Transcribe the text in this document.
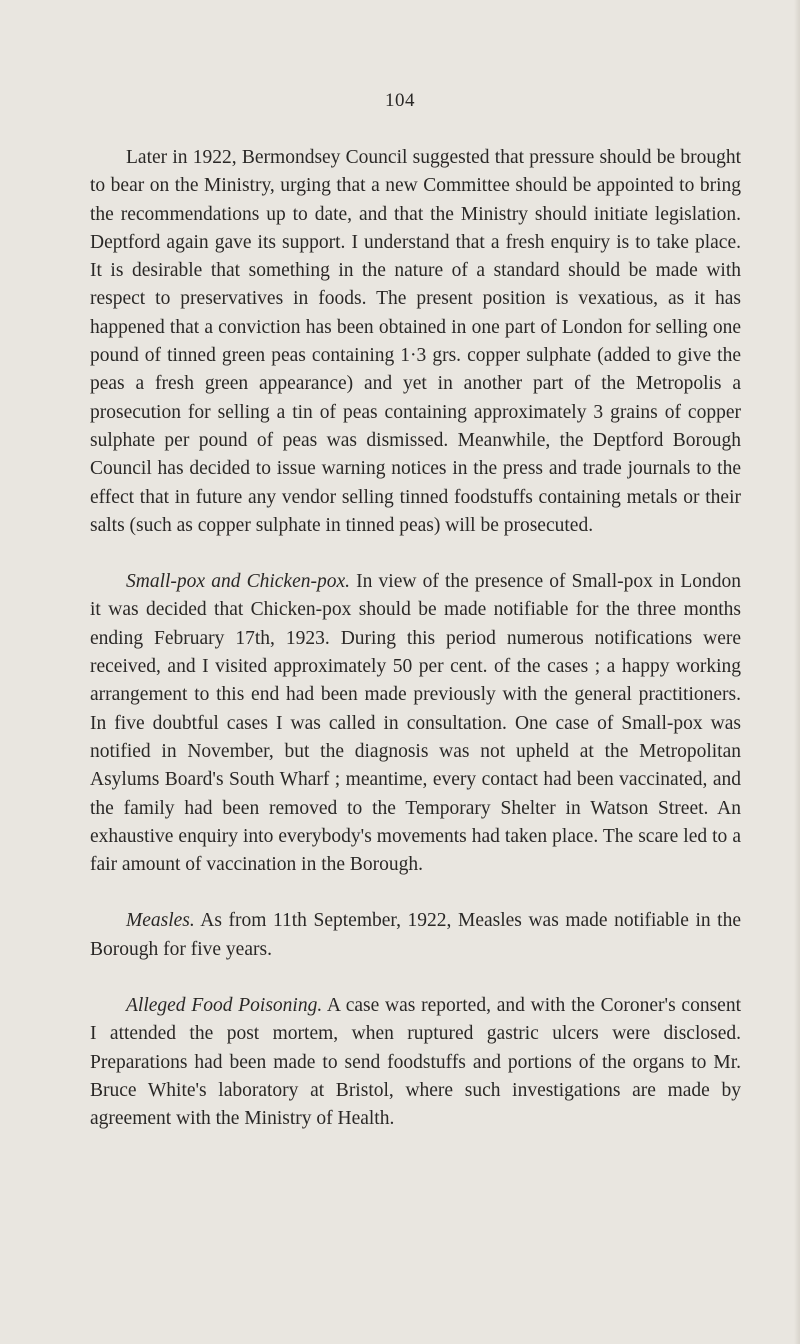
104

Later in 1922, Bermondsey Council suggested that pressure should be brought to bear on the Ministry, urging that a new Committee should be appointed to bring the recommendations up to date, and that the Ministry should initiate legislation. Deptford again gave its support. I understand that a fresh enquiry is to take place. It is desirable that something in the nature of a standard should be made with respect to preservatives in foods. The present position is vexatious, as it has happened that a conviction has been obtained in one part of London for selling one pound of tinned green peas containing 1·3 grs. copper sulphate (added to give the peas a fresh green appearance) and yet in another part of the Metropolis a prosecution for selling a tin of peas containing approximately 3 grains of copper sulphate per pound of peas was dismissed. Meanwhile, the Deptford Borough Council has decided to issue warning notices in the press and trade journals to the effect that in future any vendor selling tinned foodstuffs containing metals or their salts (such as copper sulphate in tinned peas) will be prosecuted.

Small-pox and Chicken-pox. In view of the presence of Small-pox in London it was decided that Chicken-pox should be made notifiable for the three months ending February 17th, 1923. During this period numerous notifications were received, and I visited approximately 50 per cent. of the cases ; a happy working arrangement to this end had been made previously with the general practitioners. In five doubtful cases I was called in consultation. One case of Small-pox was notified in November, but the diagnosis was not upheld at the Metropolitan Asylums Board's South Wharf ; meantime, every contact had been vaccinated, and the family had been removed to the Temporary Shelter in Watson Street. An exhaustive enquiry into everybody's movements had taken place. The scare led to a fair amount of vaccination in the Borough.

Measles. As from 11th September, 1922, Measles was made notifiable in the Borough for five years.

Alleged Food Poisoning. A case was reported, and with the Coroner's consent I attended the post mortem, when ruptured gastric ulcers were disclosed. Preparations had been made to send foodstuffs and portions of the organs to Mr. Bruce White's laboratory at Bristol, where such investigations are made by agreement with the Ministry of Health.
